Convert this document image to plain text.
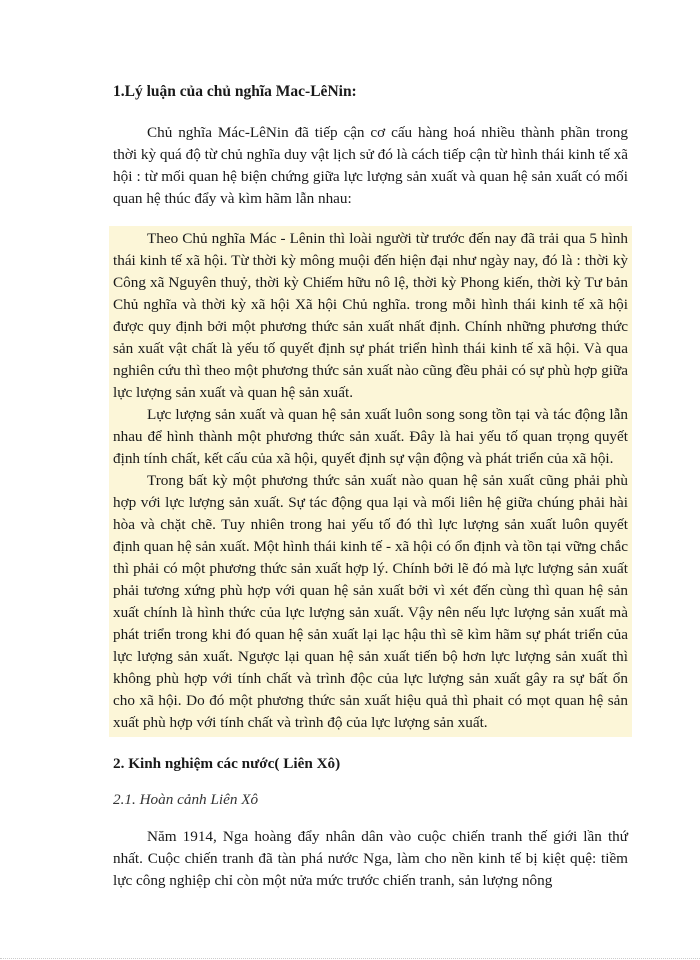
1.Lý luận của chủ nghĩa Mac-LêNin:

Chủ nghĩa Mác-LêNin đã tiếp cận cơ cấu hàng hoá nhiều thành phần trong thời kỳ quá độ từ chủ nghĩa duy vật lịch sử đó là cách tiếp cận từ hình thái kinh tế xã hội : từ mối quan hệ biện chứng giữa lực lượng sản xuất và quan hệ sản xuất có mối quan hệ thúc đẩy và kìm hãm lẫn nhau:

Theo Chủ nghĩa Mác - Lênin thì loài người từ trước đến nay đã trải qua 5 hình thái kinh tế xã hội. Từ thời kỳ mông muội đến hiện đại như ngày nay, đó là : thời kỳ Công xã Nguyên thuỷ, thời kỳ Chiếm hữu nô lệ, thời kỳ Phong kiến, thời kỳ Tư bản Chủ nghĩa và thời kỳ xã hội Xã hội Chủ nghĩa. trong mỗi hình thái kinh tế xã hội được quy định bởi một phương thức sản xuất nhất định. Chính những phương thức sản xuất vật chất là yếu tố quyết định sự phát triển hình thái kinh tế xã hội. Và qua nghiên cứu thì theo một phương thức sản xuất nào cũng đều phải có sự phù hợp giữa lực lượng sản xuất và quan hệ sản xuất.

Lực lượng sản xuất và quan hệ sản xuất luôn song song tồn tại và tác động lẫn nhau để hình thành một phương thức sản xuất. Đây là hai yếu tố quan trọng quyết định tính chất, kết cấu của xã hội, quyết định sự vận động và phát triển của xã hội.

Trong bất kỳ một phương thức sản xuất nào quan hệ sản xuất cũng phải phù hợp với lực lượng sản xuất. Sự tác động qua lại và mối liên hệ giữa chúng phải hài hòa và chặt chẽ. Tuy nhiên trong hai yếu tố đó thì lực lượng sản xuất luôn quyết định quan hệ sản xuất. Một hình thái kinh tế - xã hội có ổn định và tồn tại vững chắc thì phải có một phương thức sản xuất hợp lý. Chính bởi lẽ đó mà lực lượng sản xuất phải tương xứng phù hợp với quan hệ sản xuất bởi vì xét đến cùng thì quan hệ sản xuất chính là hình thức của lực lượng sản xuất. Vậy nên nếu lực lượng sản xuất mà phát triển trong khi đó quan hệ sản xuất lại lạc hậu thì sẽ kìm hãm sự phát triển của lực lượng sản xuất. Ngược lại quan hệ sản xuất tiến bộ hơn lực lượng sản xuất thì không phù hợp với tính chất và trình độc của lực lượng sản xuất gây ra sự bất ổn cho xã hội. Do đó một phương thức sản xuất hiệu quả thì phait có mọt quan hệ sản xuất phù hợp với tính chất và trình độ của lực lượng sản xuất.

2. Kinh nghiệm các nước( Liên Xô)

2.1. Hoàn cảnh Liên Xô

Năm 1914, Nga hoàng đẩy nhân dân vào cuộc chiến tranh thế giới lần thứ nhất. Cuộc chiến tranh đã tàn phá nước Nga, làm cho nền kinh tế bị kiệt quệ: tiềm lực công nghiệp chỉ còn một nửa mức trước chiến tranh, sản lượng nông
